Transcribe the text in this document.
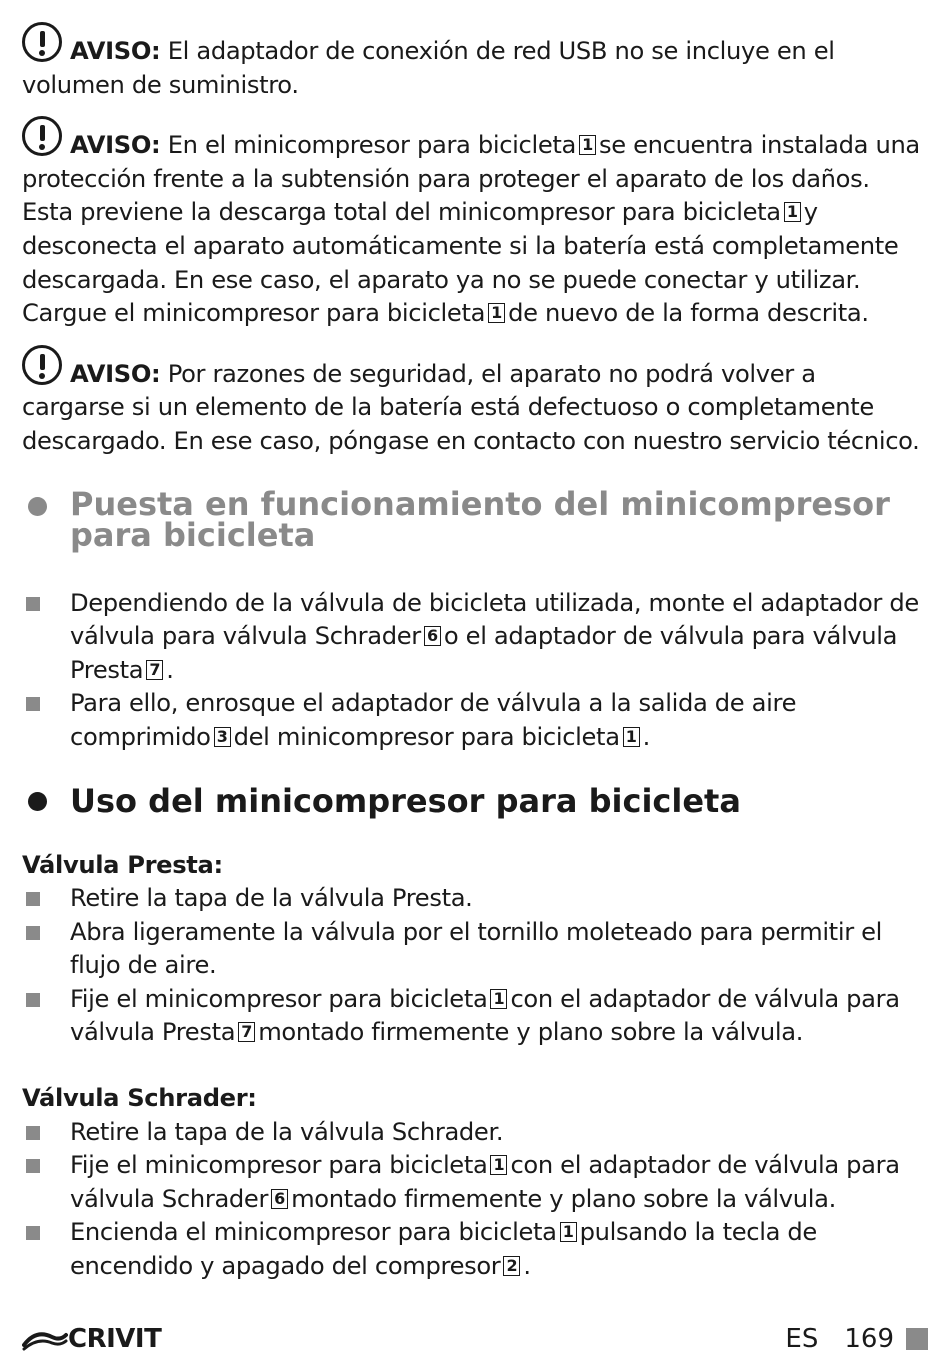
AVISO: El adaptador de conexión de red USB no se incluye en el volumen de suministro.

AVISO: En el minicompresor para bicicleta 1 se encuentra instalada una protección frente a la subtensión para proteger el aparato de los daños. Esta previene la descarga total del minicompresor para bicicleta 1 y desconecta el aparato automáticamente si la batería está completamente descargada. En ese caso, el aparato ya no se puede conectar y utilizar. Cargue el minicompresor para bicicleta 1 de nuevo de la forma descrita.

AVISO: Por razones de seguridad, el aparato no podrá volver a cargarse si un elemento de la batería está defectuoso o completamente descargado. En ese caso, póngase en contacto con nuestro servicio técnico.

Puesta en funcionamiento del minicompresor para bicicleta
Dependiendo de la válvula de bicicleta utilizada, monte el adaptador de válvula para válvula Schrader 6 o el adaptador de válvula para válvula Presta 7 .
Para ello, enrosque el adaptador de válvula a la salida de aire comprimido 3 del minicompresor para bicicleta 1 .
Uso del minicompresor para bicicleta

Válvula Presta:

Retire la tapa de la válvula Presta.
Abra ligeramente la válvula por el tornillo moleteado para permitir el flujo de aire.
Fije el minicompresor para bicicleta 1 con el adaptador de válvula para válvula Presta 7 montado firmemente y plano sobre la válvula.

Válvula Schrader:

Retire la tapa de la válvula Schrader.
Fije el minicompresor para bicicleta 1 con el adaptador de válvula para válvula Schrader 6 montado firmemente y plano sobre la válvula.
Encienda el minicompresor para bicicleta 1 pulsando la tecla de encendido y apagado del compresor 2 .
CRIVIT	ES 169
